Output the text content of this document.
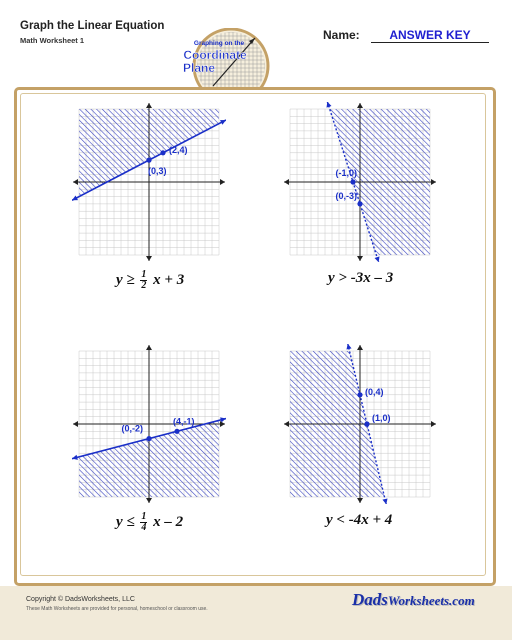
Graph the Linear Equation
Math Worksheet 1	Name:	ANSWER KEY
Graphing on the
Coordinate
Plane
(0,3)
(2,4)
$y \ge \frac{1}{2}$ x + 3
(-1,0)
(0,-3)
y > -3x – 3
(0,-2)
(4,-1)
$y \le \frac{1}{4}$ x – 2
(0,4)
(1,0)
y < -4x + 4
Copyright © DadsWorksheets, LLC
These Math Worksheets are provided for personal, homeschool or classroom use.	DadsWorksheets.com
